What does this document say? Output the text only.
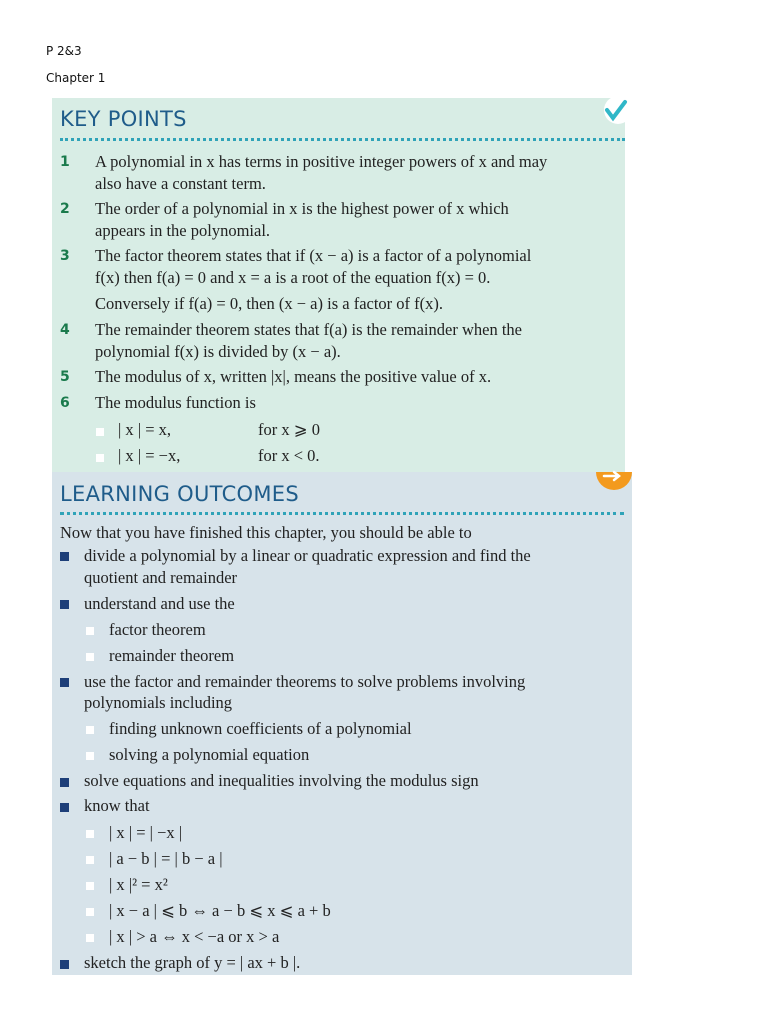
P 2&3
Chapter 1
KEY POINTS
1 A polynomial in x has terms in positive integer powers of x and may
also have a constant term.
2 The order of a polynomial in x is the highest power of x which
appears in the polynomial.
3 The factor theorem states that if (x − a) is a factor of a polynomial
f(x) then f(a) = 0 and x = a is a root of the equation f(x) = 0.
Conversely if f(a) = 0, then (x − a) is a factor of f(x).
4 The remainder theorem states that f(a) is the remainder when the
polynomial f(x) is divided by (x − a).
5 The modulus of x, written |x|, means the positive value of x.
6 The modulus function is
| x | = x,	for x ⩾ 0
| x | = −x,	for x < 0.
LEARNING OUTCOMES
Now that you have finished this chapter, you should be able to
divide a polynomial by a linear or quadratic expression and find the
quotient and remainder
understand and use the
factor theorem
remainder theorem
use the factor and remainder theorems to solve problems involving
polynomials including
finding unknown coefficients of a polynomial
solving a polynomial equation
solve equations and inequalities involving the modulus sign
know that
| x | = | −x |
| a − b | = | b − a |
| x |² = x²
| x − a | ⩽ b ⇔ a − b ⩽ x ⩽ a + b
| x | > a ⇔ x < −a or x > a
sketch the graph of y = | ax + b |.
